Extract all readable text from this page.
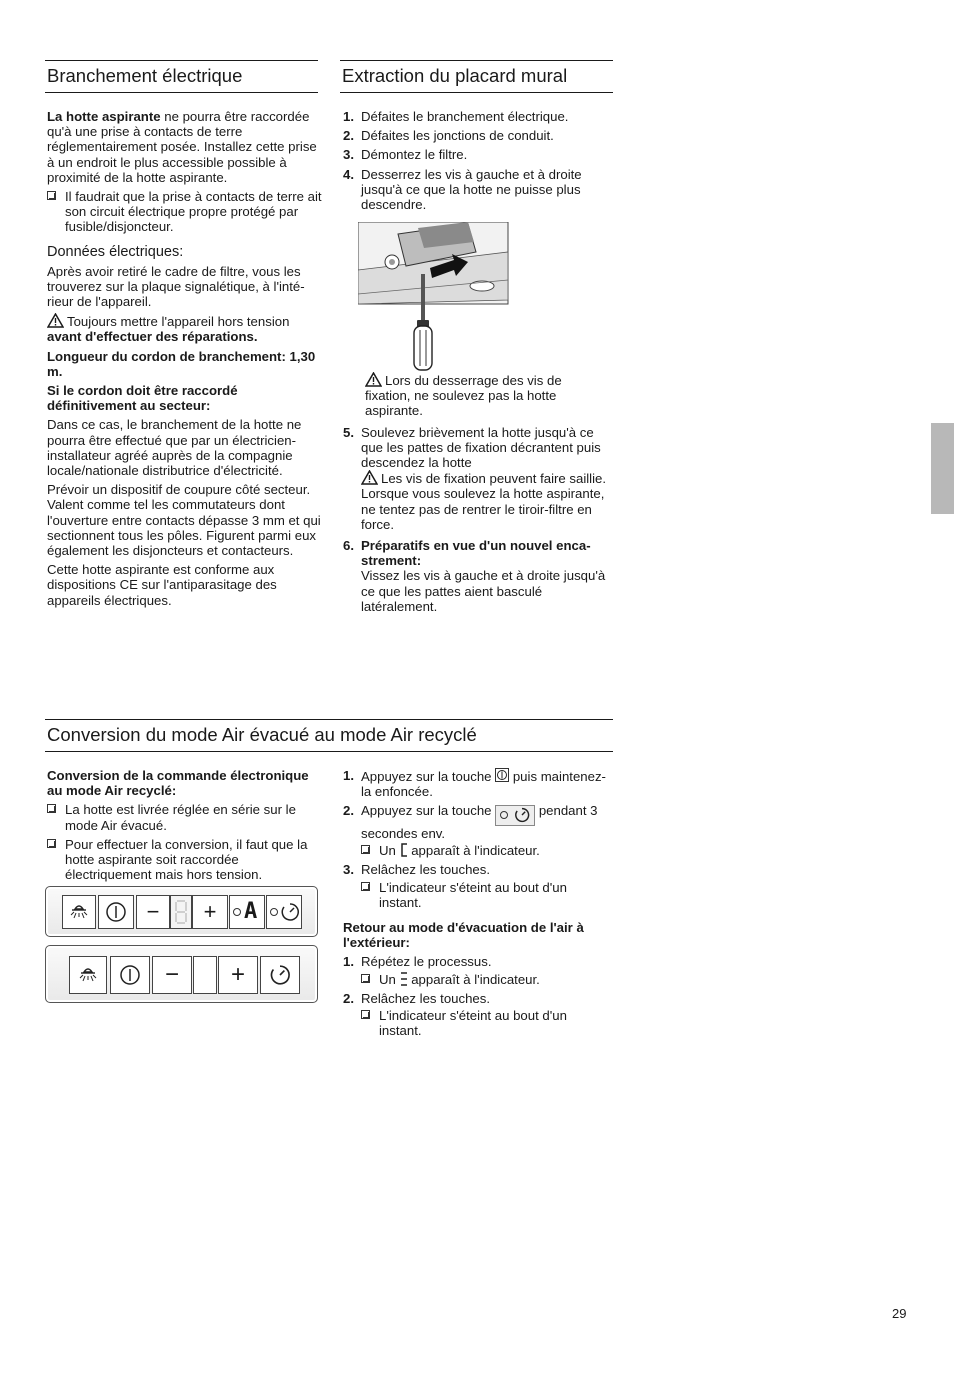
Branchement électrique

La hotte aspirante ne pourra être raccordée qu'à une prise à contacts de terre réglementairement posée. Installez cette prise à un endroit le plus accessible possible à proximité de la hotte aspirante.

Il faudrait que la prise à contacts de terre ait son circuit électrique propre protégé par fusible/disjoncteur.
Données électriques:

Après avoir retiré le cadre de filtre, vous les trouverez sur la plaque signalétique, à l'inté-rieur de l'appareil.

Toujours mettre l'appareil hors tension
avant d'effectuer des réparations.

Longueur du cordon de branchement: 1,30 m.

Si le cordon doit être raccordé définitivement au secteur:

Dans ce cas, le branchement de la hotte ne pourra être effectué que par un électricien-installateur agréé auprès de la compagnie locale/nationale distributrice d'électricité.

Prévoir un dispositif de coupure côté secteur. Valent comme tel les commutateurs dont l'ouverture entre contacts dépasse 3 mm et qui sectionnent tous les pôles. Figurent parmi eux également les disjoncteurs et contacteurs.

Cette hotte aspirante est conforme aux dispositions CE sur l'antiparasitage des appareils électriques.

Extraction du placard mural
1. Défaites le branchement électrique.
2. Défaites les jonctions de conduit.
3. Démontez le filtre.
4. Desserrez les vis à gauche et à droite jusqu'à ce que la hotte ne puisse plus descendre.

Lors du desserrage des vis de fixation, ne soulevez pas la hotte aspirante.

5. Soulevez brièvement la hotte jusqu'à ce que les pattes de fixation décrantent puis descendez la hotte
Les vis de fixation peuvent faire saillie. Lorsque vous soulevez la hotte aspirante, ne tentez pas de rentrer le tiroir-filtre en force.
6. Préparatifs en vue d'un nouvel enca-strement:
Vissez les vis à gauche et à droite jusqu'à ce que les pattes aient basculé latéralement.
Conversion du mode Air évacué au mode Air recyclé

Conversion de la commande électronique au mode Air recyclé:

La hotte est livrée réglée en série sur le mode Air évacué.
Pour effectuer la conversion, il faut que la hotte aspirante soit raccordée électriquement mais hors tension.
−	+	A
−	+
1. Appuyez sur la touche puis maintenez-la enfoncée.
2. Appuyez sur la touche	pendant 3 secondes env.
Un apparaît à l'indicateur.
3. Relâchez les touches.
L'indicateur s'éteint au bout d'un instant.

Retour au mode d'évacuation de l'air à l'extérieur:

1. Répétez le processus.
Un apparaît à l'indicateur.
2. Relâchez les touches.
L'indicateur s'éteint au bout d'un instant.
29
